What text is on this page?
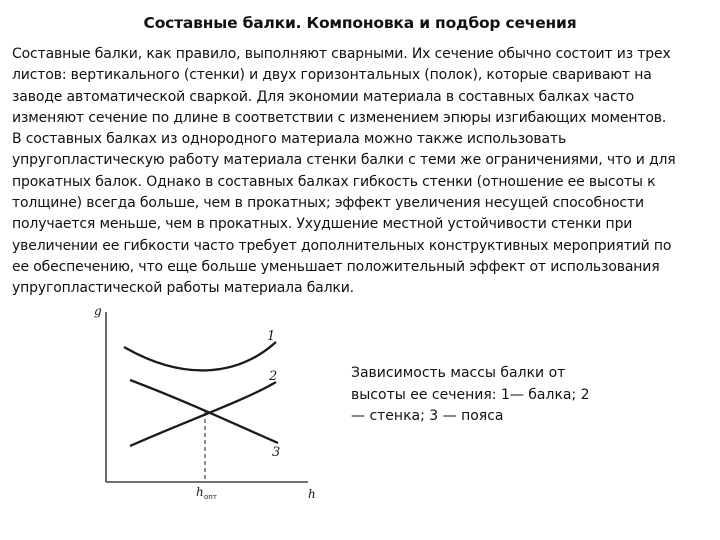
Составные балки. Компоновка и подбор сечения
Составные балки, как правило, выполняют сварными. Их сечение обычно состоит из трех
листов: вертикального (стенки) и двух горизонтальных (полок), которые сваривают на
заводе автоматической сваркой. Для экономии материала в составных балках часто
изменяют сечение по длине в соответствии с изменением эпюры изгибающих моментов.
В составных балках из однородного материала можно также использовать
упругопластическую работу материала стенки балки с теми же ограничениями, что и для
прокатных балок. Однако в составных балках гибкость стенки (отношение ее высоты к
толщине) всегда больше, чем в прокатных; эффект увеличения несущей способности
получается меньше, чем в прокатных. Ухудшение местной устойчивости стенки при
увеличении ее гибкости часто требует дополнительных конструктивных мероприятий по
ее обеспечению, что еще больше уменьшает положительный эффект от использования
упругопластической работы материала балки.
g
h
1
2
3
h опт
Зависимость массы балки от
высоты ее сечения: 1— балка; 2
— стенка; 3 — пояса
